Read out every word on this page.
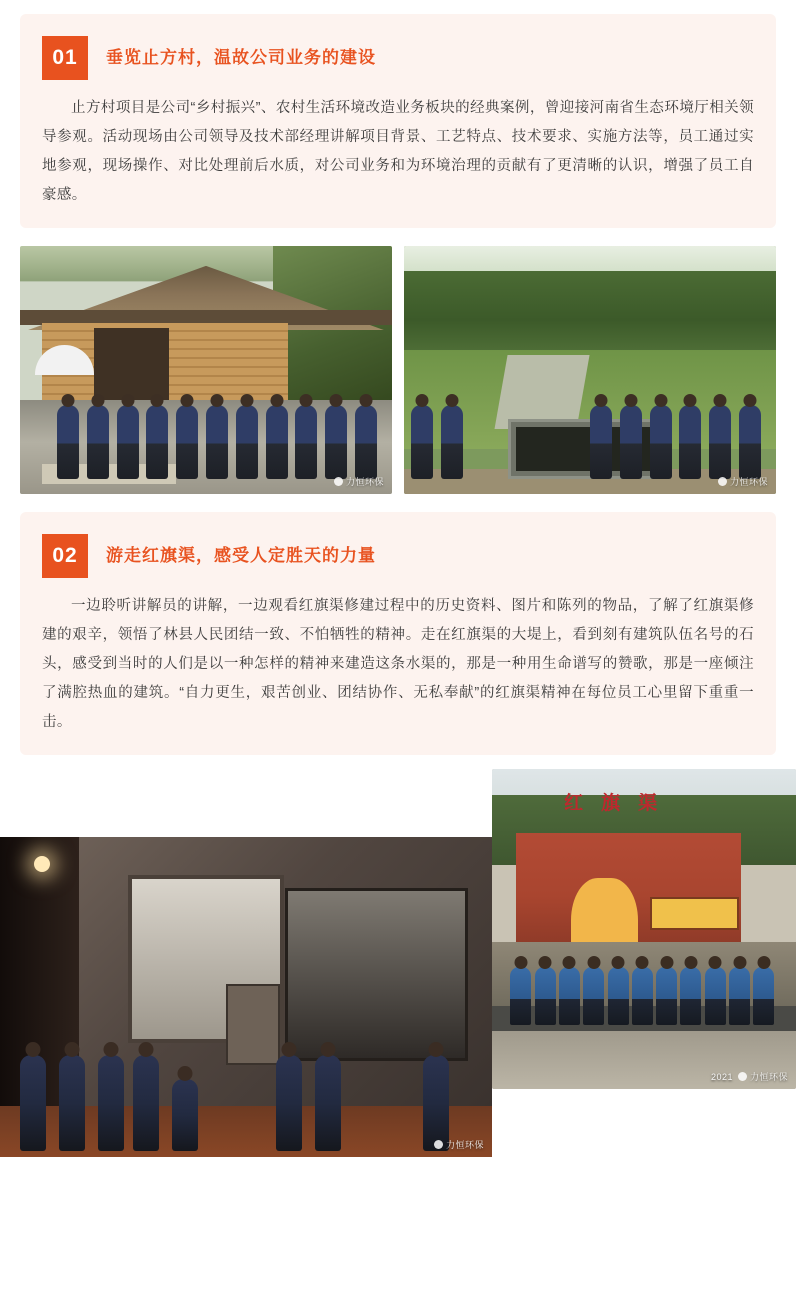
01	垂览止方村，温故公司业务的建设
止方村项目是公司“乡村振兴”、农村生活环境改造业务板块的经典案例，曾迎接河南省生态环境厅相关领导参观。活动现场由公司领导及技术部经理讲解项目背景、工艺特点、技术要求、实施方法等，员工通过实地参观，现场操作、对比处理前后水质，对公司业务和为环境治理的贡献有了更清晰的认识，增强了员工自豪感。
力恒环保	力恒环保
02	游走红旗渠，感受人定胜天的力量
一边聆听讲解员的讲解，一边观看红旗渠修建过程中的历史资料、图片和陈列的物品，了解了红旗渠修建的艰辛，领悟了林县人民团结一致、不怕牺牲的精神。走在红旗渠的大堤上，看到刻有建筑队伍名号的石头，感受到当时的人们是以一种怎样的精神来建造这条水渠的，那是一种用生命谱写的赞歌，那是一座倾注了满腔热血的建筑。“自力更生，艰苦创业、团结协作、无私奉献”的红旗渠精神在每位员工心里留下重重一击。
力恒环保
红旗渠
2021 力恒环保
